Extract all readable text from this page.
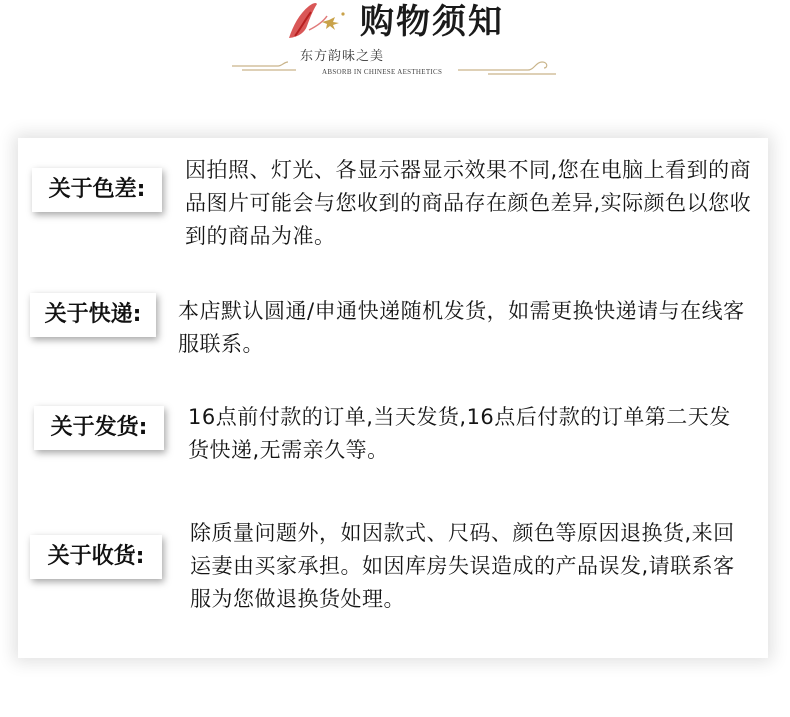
购物须知
东方韵味之美
ABSORB IN CHINESE AESTHETICS
关于色差:
因拍照、灯光、各显示器显示效果不同,您在电脑上看到的商品图片可能会与您收到的商品存在颜色差异,实际颜色以您收到的商品为准。
关于快递:	本店默认圆通/申通快递随机发货，如需更换快递请与在线客服联系。
关于发货:	16点前付款的订单,当天发货,16点后付款的订单第二天发货快递,无需亲久等。
关于收货:
除质量问题外，如因款式、尺码、颜色等原因退换货,来回运妻由买家承担。如因库房失误造成的产品误发,请联系客服为您做退换货处理。
